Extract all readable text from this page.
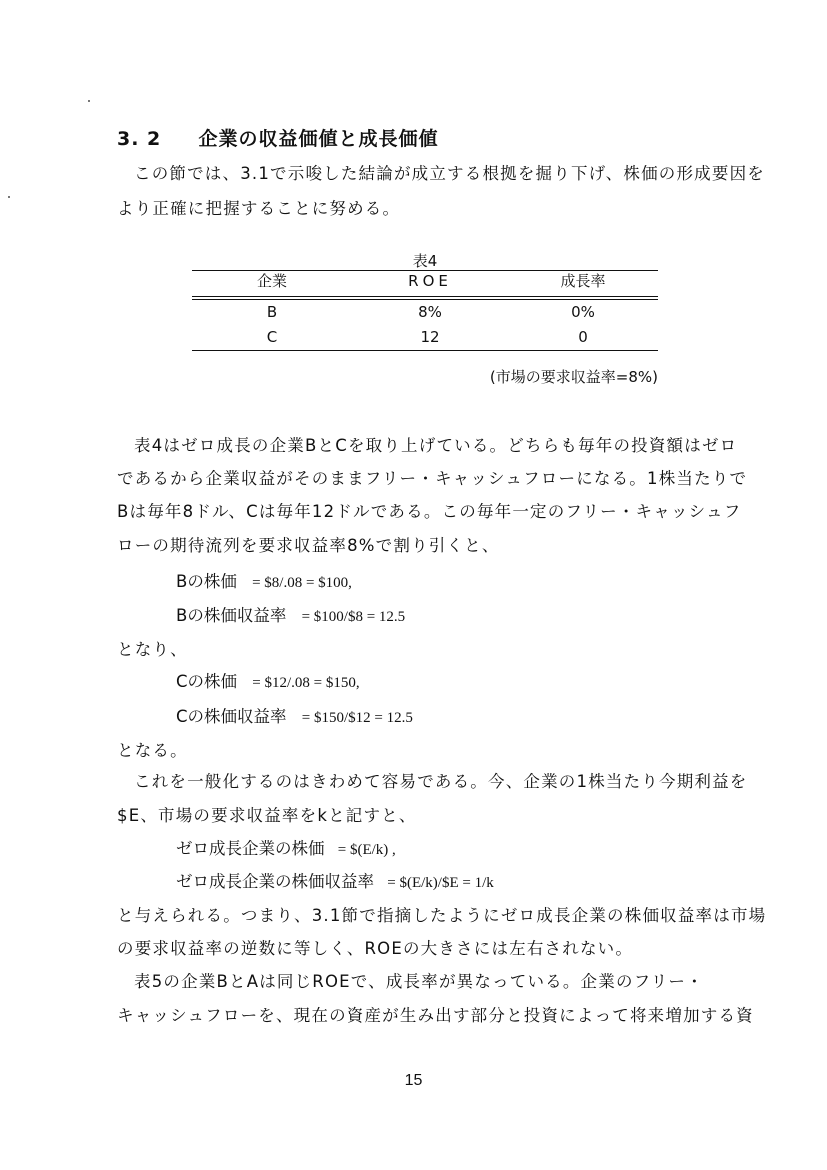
3. 2 企業の収益価値と成長価値
この節では、3.1で示唆した結論が成立する根拠を掘り下げ、株価の形成要因を
より正確に把握することに努める。
表4
企業	ROE	成長率

B	8%	0%
C	12	0
(市場の要求収益率=8%)
表4はゼロ成長の企業BとCを取り上げている。どちらも毎年の投資額はゼロ
であるから企業収益がそのままフリー・キャッシュフローになる。1株当たりで
Bは毎年8ドル、Cは毎年12ドルである。この毎年一定のフリー・キャッシュフ
ローの期待流列を要求収益率8%で割り引くと、
Bの株価 = $8/.08 = $100,
Bの株価収益率 = $100/$8 = 12.5
となり、
Cの株価 = $12/.08 = $150,
Cの株価収益率 = $150/$12 = 12.5
となる。
これを一般化するのはきわめて容易である。今、企業の1株当たり今期利益を
$E、市場の要求収益率をkと記すと、
ゼロ成長企業の株価 = $(E/k) ,
ゼロ成長企業の株価収益率 = $(E/k)/$E = 1/k
と与えられる。つまり、3.1節で指摘したようにゼロ成長企業の株価収益率は市場
の要求収益率の逆数に等しく、ROEの大きさには左右されない。
表5の企業BとAは同じROEで、成長率が異なっている。企業のフリー・
キャッシュフローを、現在の資産が生み出す部分と投資によって将来増加する資
15
